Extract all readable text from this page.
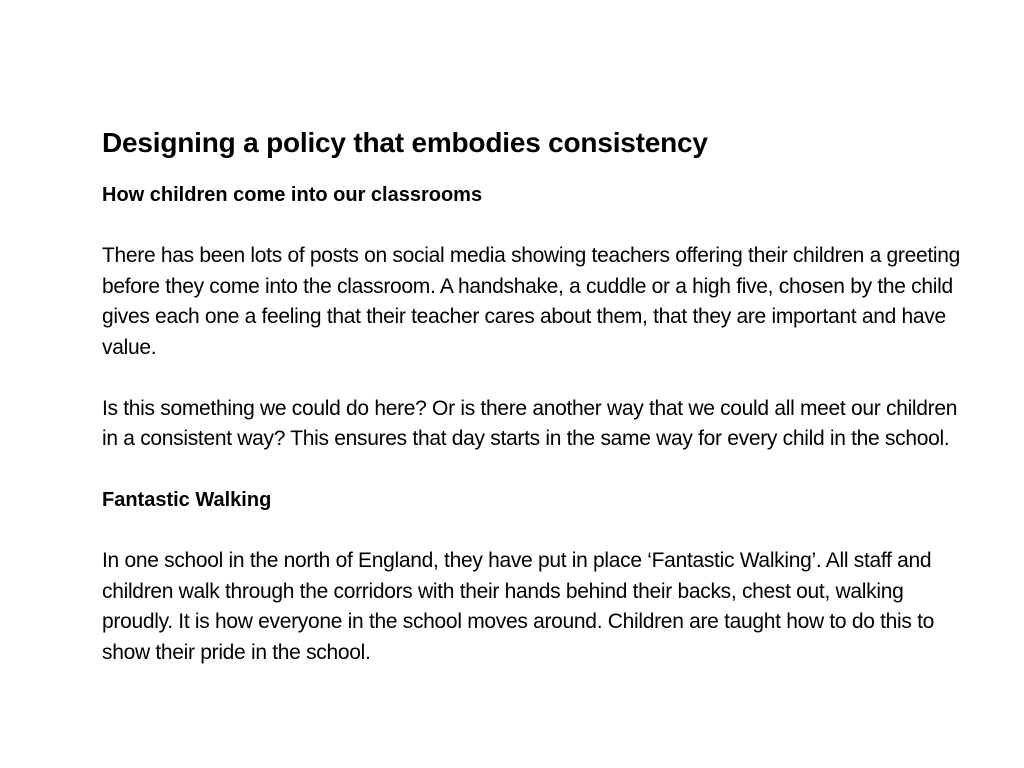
Designing a policy that embodies consistency

How children come into our classrooms

There has been lots of posts on social media showing teachers offering their children a greeting before they come into the classroom. A handshake, a cuddle or a high five, chosen by the child gives each one a feeling that their teacher cares about them, that they are important and have value.

Is this something we could do here? Or is there another way that we could all meet our children in a consistent way? This ensures that day starts in the same way for every child in the school.

Fantastic Walking

In one school in the north of England, they have put in place ‘Fantastic Walking’. All staff and children walk through the corridors with their hands behind their backs, chest out, walking proudly. It is how everyone in the school moves around. Children are taught how to do this to show their pride in the school.
